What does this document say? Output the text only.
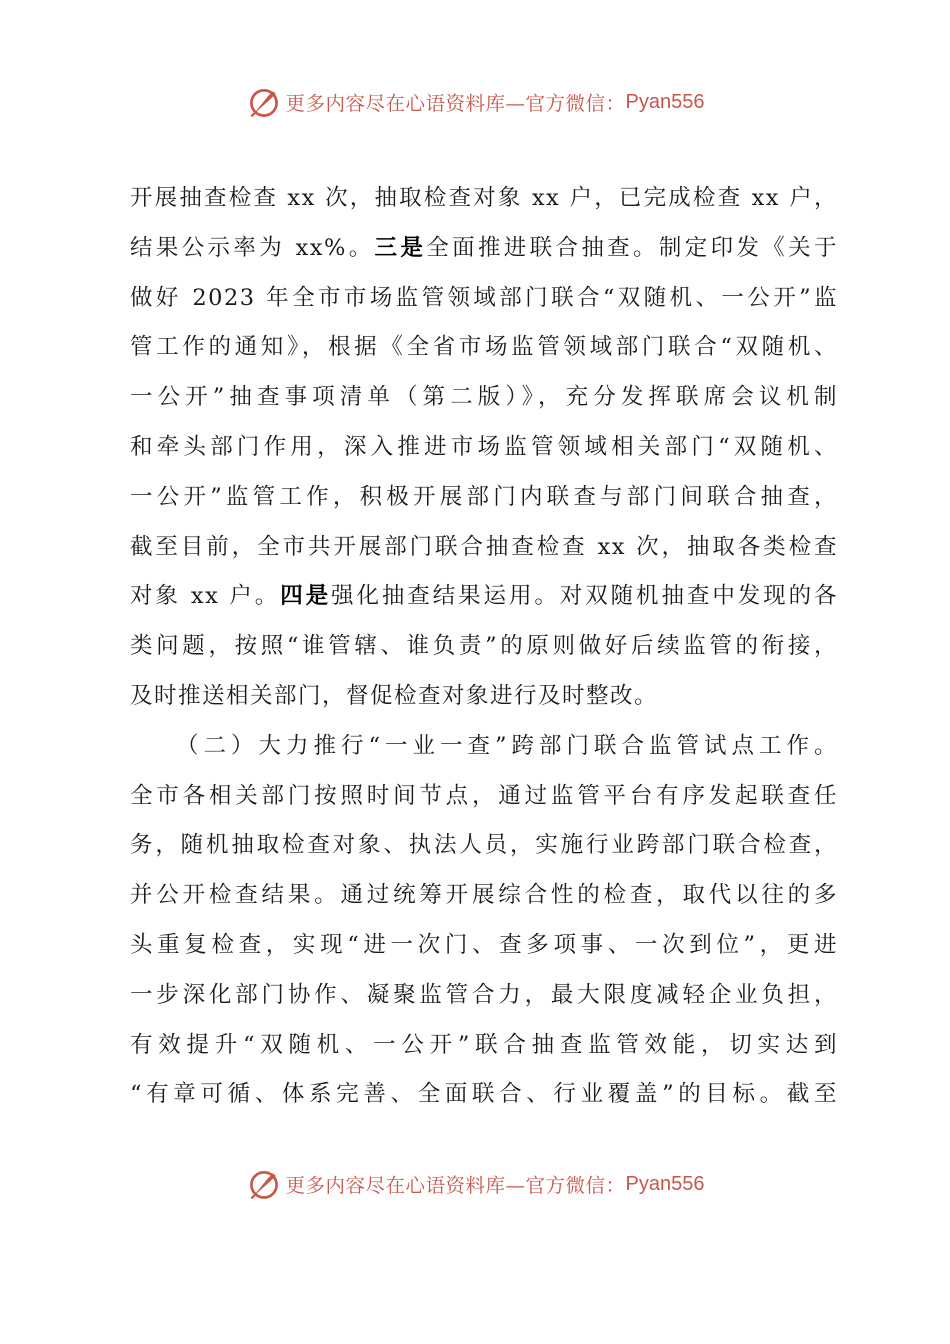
更多内容尽在心语资料库—官方微信： Pyan556
开展抽查检查 xx 次，抽取检查对象 xx 户，已完成检查 xx 户，
结果公示率为 xx%。三是全面推进联合抽查。制定印发《关于
做好 2023 年全市市场监管领域部门联合“双随机、一公开”监
管工作的通知》，根据《全省市场监管领域部门联合“双随机、
一公开”抽查事项清单（第二版）》，充分发挥联席会议机制
和牵头部门作用，深入推进市场监管领域相关部门“双随机、
一公开”监管工作，积极开展部门内联查与部门间联合抽查，
截至目前，全市共开展部门联合抽查检查 xx 次，抽取各类检查
对象 xx 户。四是强化抽查结果运用。对双随机抽查中发现的各
类问题，按照“谁管辖、谁负责”的原则做好后续监管的衔接，
及时推送相关部门，督促检查对象进行及时整改。
（二）大力推行“一业一查”跨部门联合监管试点工作。
全市各相关部门按照时间节点，通过监管平台有序发起联查任
务，随机抽取检查对象、执法人员，实施行业跨部门联合检查，
并公开检查结果。通过统筹开展综合性的检查，取代以往的多
头重复检查，实现“进一次门、查多项事、一次到位”，更进
一步深化部门协作、凝聚监管合力，最大限度减轻企业负担，
有效提升“双随机、一公开”联合抽查监管效能，切实达到
“有章可循、体系完善、全面联合、行业覆盖”的目标。截至
更多内容尽在心语资料库—官方微信： Pyan556
